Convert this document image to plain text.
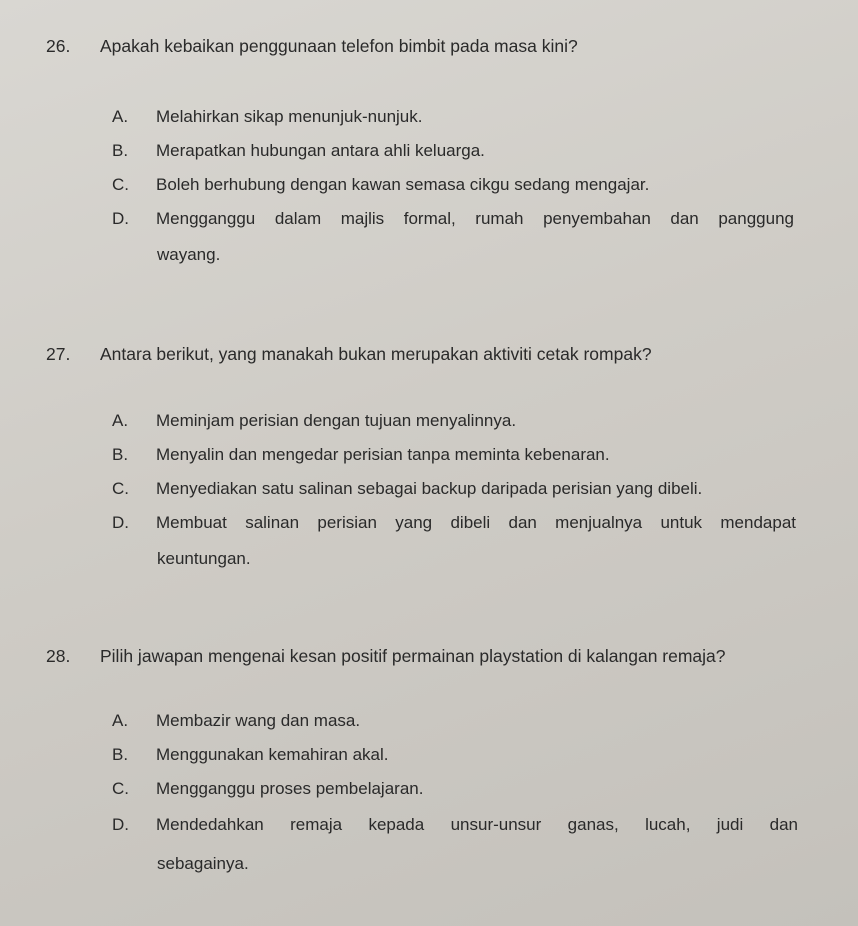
26. Apakah kebaikan penggunaan telefon bimbit pada masa kini?
A. Melahirkan sikap menunjuk-nunjuk.
B. Merapatkan hubungan antara ahli keluarga.
C. Boleh berhubung dengan kawan semasa cikgu sedang mengajar.
D. Mengganggu dalam majlis formal, rumah penyembahan dan panggung
wayang.
27. Antara berikut, yang manakah bukan merupakan aktiviti cetak rompak?
A. Meminjam perisian dengan tujuan menyalinnya.
B. Menyalin dan mengedar perisian tanpa meminta kebenaran.
C. Menyediakan satu salinan sebagai backup daripada perisian yang dibeli.
D. Membuat salinan perisian yang dibeli dan menjualnya untuk mendapat
keuntungan.
28. Pilih jawapan mengenai kesan positif permainan playstation di kalangan remaja?
A. Membazir wang dan masa.
B. Menggunakan kemahiran akal.
C. Mengganggu proses pembelajaran.
D. Mendedahkan remaja kepada unsur-unsur ganas, lucah, judi dan
sebagainya.
